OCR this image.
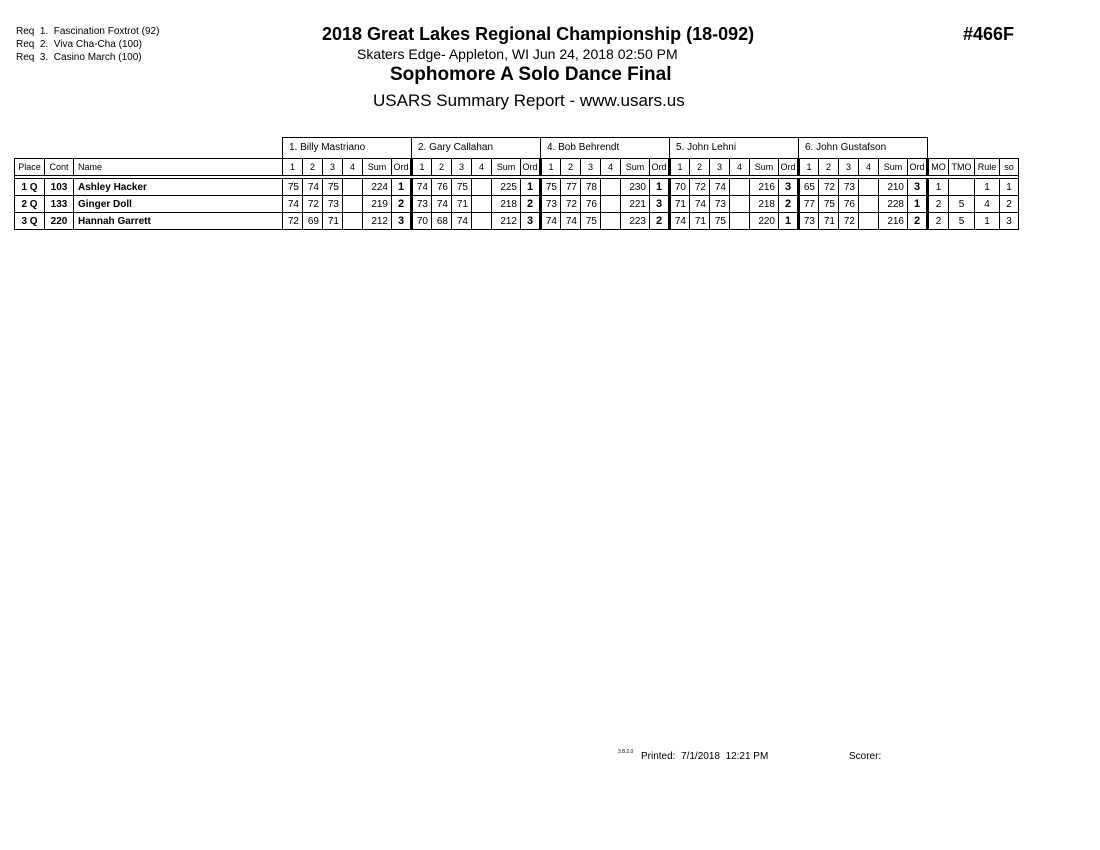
Req  1.  Fascination Foxtrot (92)
Req  2.  Viva Cha-Cha (100)
Req  3.  Casino March (100)
2018 Great Lakes Regional Championship (18-092)
Skaters Edge- Appleton, WI Jun 24, 2018 02:50 PM
Sophomore A Solo Dance Final
USARS Summary Report - www.usars.us
#466F
			1. Billy Mastriano						2. Gary Callahan						4. Bob Behrendt						5. John Lehni						6. John Gustafson									

Place	Cont	Name	1	2	3	4	Sum	Ord	1	2	3	4	Sum	Ord	1	2	3	4	Sum	Ord	1	2	3	4	Sum	Ord	1	2	3	4	Sum	Ord	MO	TMO	Rule	so

1 Q	103	Ashley Hacker	75	74	75		224	1	74	76	75		225	1	75	77	78		230	1	70	72	74		216	3	65	72	73		210	3	1		1	1
2 Q	133	Ginger Doll	74	72	73		219	2	73	74	71		218	2	73	72	76		221	3	71	74	73		218	2	77	75	76		228	1	2	5	4	2
3 Q	220	Hannah Garrett	72	69	71		212	3	70	68	74		212	3	74	74	75		223	2	74	71	75		220	1	73	71	72		216	2	2	5	1	3
3.8.2.0 Printed:  7/1/2018  12:21 PM	Scorer:
